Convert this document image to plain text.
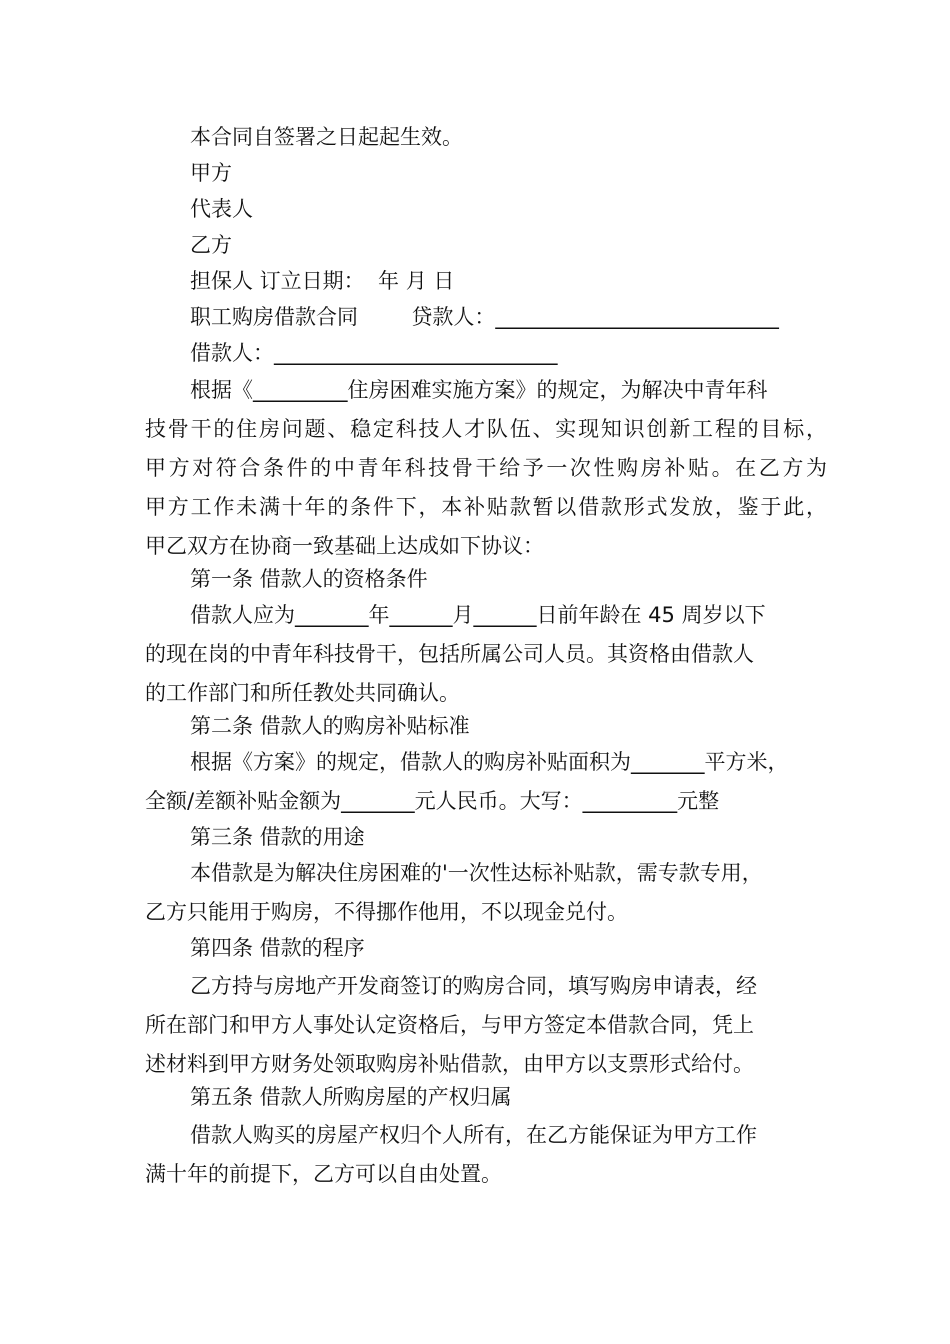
本合同自签署之日起起生效。
甲方
代表人
乙方
担保人 订立日期：  年 月 日
职工购房借款合同        贷款人：___________________________
借款人：___________________________
根据《_________住房困难实施方案》的规定，为解决中青年科
技骨干的住房问题、稳定科技人才队伍、实现知识创新工程的目标，
甲方对符合条件的中青年科技骨干给予一次性购房补贴。在乙方为
甲方工作未满十年的条件下，本补贴款暂以借款形式发放，鉴于此，
甲乙双方在协商一致基础上达成如下协议：
第一条 借款人的资格条件
借款人应为_______年______月______日前年龄在 45 周岁以下
的现在岗的中青年科技骨干，包括所属公司人员。其资格由借款人
的工作部门和所任教处共同确认。
第二条 借款人的购房补贴标准
根据《方案》的规定，借款人的购房补贴面积为_______平方米，
全额/差额补贴金额为_______元人民币。大写：_________元整
第三条 借款的用途
本借款是为解决住房困难的'一次性达标补贴款，需专款专用，
乙方只能用于购房，不得挪作他用，不以现金兑付。
第四条 借款的程序
乙方持与房地产开发商签订的购房合同，填写购房申请表，经
所在部门和甲方人事处认定资格后，与甲方签定本借款合同，凭上
述材料到甲方财务处领取购房补贴借款，由甲方以支票形式给付。
第五条 借款人所购房屋的产权归属
借款人购买的房屋产权归个人所有，在乙方能保证为甲方工作
满十年的前提下，乙方可以自由处置。
